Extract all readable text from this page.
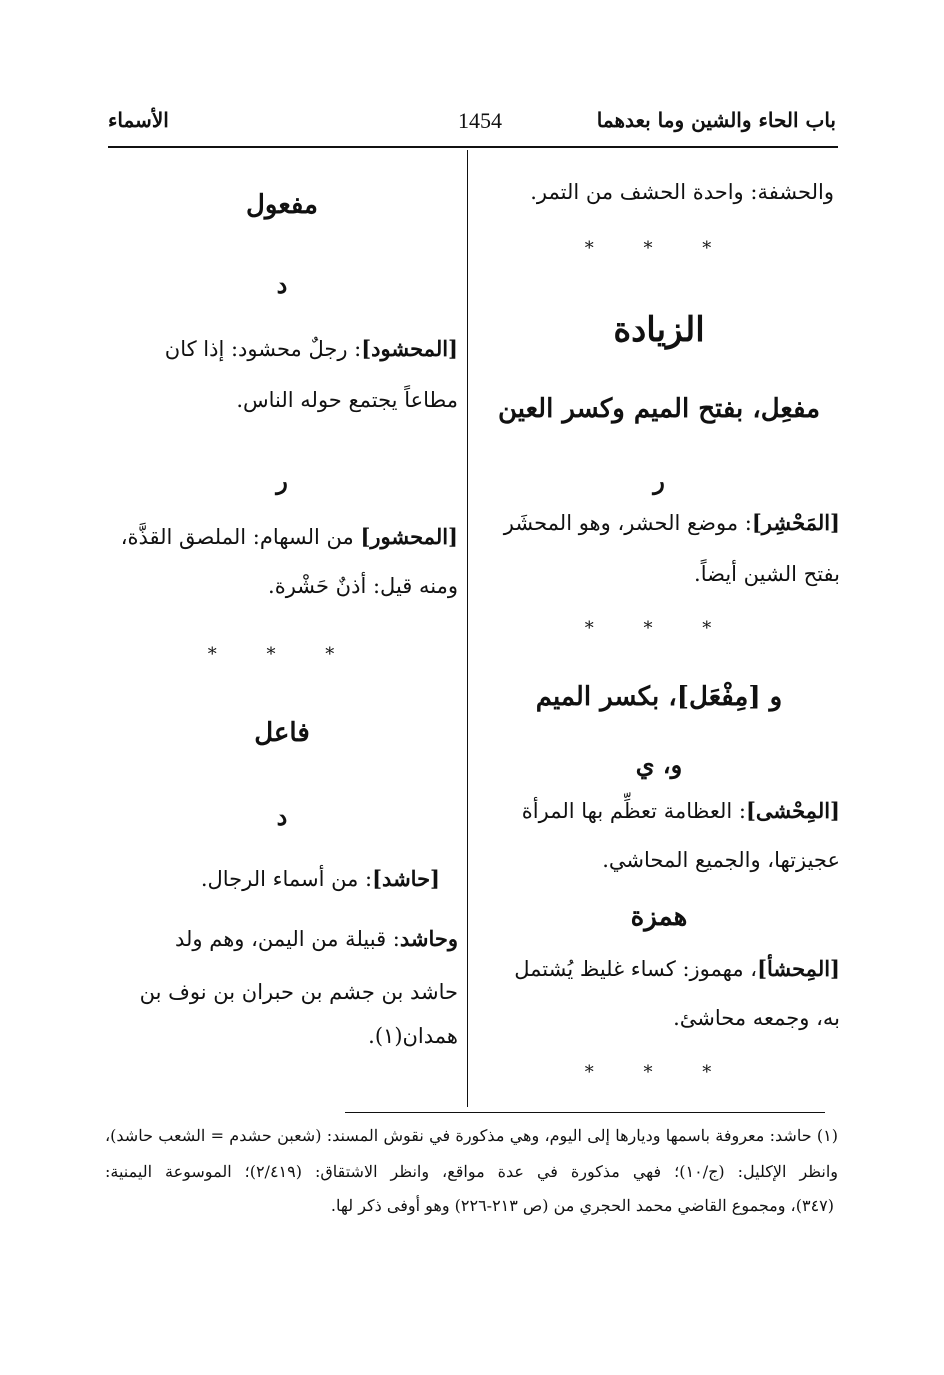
باب الحاء والشين وما بعدهما
1454
الأسماء
والحشفة: واحدة الحشف من التمر.
* * *
الزيادة
مفعِل، بفتح الميم وكسر العين
ر
[المَحْشِر]: موضع الحشر، وهو المحشَر
بفتح الشين أيضاً.
* * *
و [مِفْعَل]، بكسر الميم
و، ي
[المِحْشى]: العظامة تعظِّم بها المرأة
عجيزتها، والجميع المحاشي.
همزة
[المِحشأ]، مهموز: كساء غليظ يُشتمل
به، وجمعه محاشئ.
* * *
مفعول
د
[المحشود]: رجلٌ محشود: إذا كان
مطاعاً يجتمع حوله الناس.
ر
[المحشور] من السهام: الملصق القذَّة،
ومنه قيل: أذنٌ حَشْرة.
* * *
فاعل
د
[حاشد]: من أسماء الرجال.
وحاشد: قبيلة من اليمن، وهم ولد
حاشد بن جشم بن حبران بن نوف بن
همدان(١).
(١) حاشد: معروفة باسمها وديارها إلى اليوم، وهي مذكورة في نقوش المسند: (شعبن حشدم = الشعب حاشد)،
وانظر الإكليل: (ج/١٠)؛ فهي مذكورة في عدة مواقع، وانظر الاشتقاق: (٢/٤١٩)؛ الموسوعة اليمنية:
(٣٤٧)، ومجموع القاضي محمد الحجري من (ص ٢١٣-٢٢٦) وهو أوفى ذكر لها.
